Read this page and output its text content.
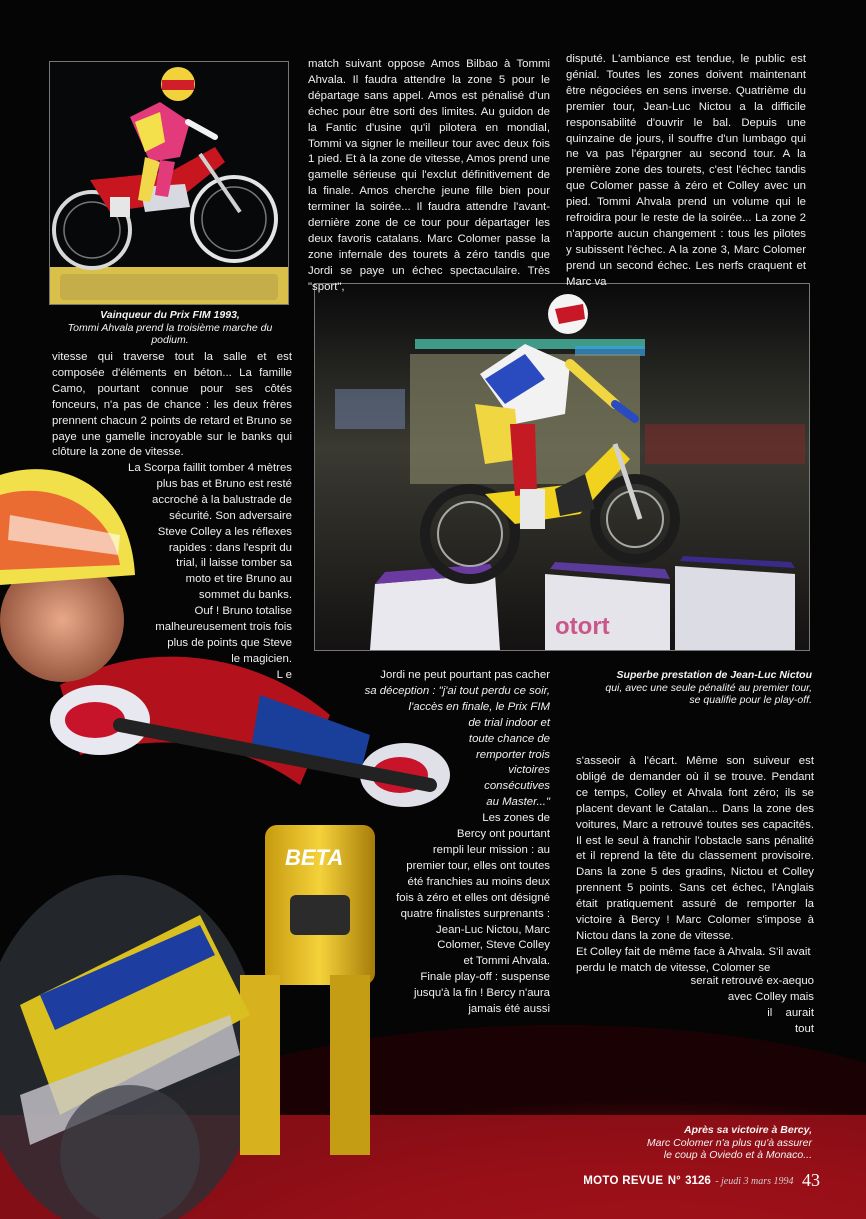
BETA
Vainqueur du Prix FIM 1993,
Tommi Ahvala prend la troisième marche du podium.
otort
Superbe prestation de Jean-Luc Nictou
qui, avec une seule pénalité au premier tour,
se qualifie pour le play-off.

match suivant oppose Amos Bilbao à Tommi Ahvala. Il faudra attendre la zone 5 pour le départage sans appel. Amos est pénalisé d'un échec pour être sorti des limites. Au guidon de la Fantic d'usine qu'il pilotera en mondial, Tommi va signer le meilleur tour avec deux fois 1 pied. Et à la zone de vitesse, Amos prend une gamelle sérieuse qui l'exclut définitivement de la finale. Amos cherche jeune fille bien pour terminer la soirée... Il faudra attendre l'avant-dernière zone de ce tour pour départager les deux favoris catalans. Marc Colomer passe la zone infernale des tourets à zéro tandis que Jordi se paye un échec spectaculaire. Très "sport",

disputé. L'ambiance est tendue, le public est génial. Toutes les zones doivent maintenant être négociées en sens inverse. Quatrième du premier tour, Jean-Luc Nictou a la difficile responsabilité d'ouvrir le bal. Depuis une quinzaine de jours, il souffre d'un lumbago qui ne va pas l'épargner au second tour. A la première zone des tourets, c'est l'échec tandis que Colomer passe à zéro et Colley avec un pied. Tommi Ahvala prend un volume qui le refroidira pour le reste de la soirée... La zone 2 n'apporte aucun changement : tous les pilotes y subissent l'échec. A la zone 3, Marc Colomer prend un second échec. Les nerfs craquent et Marc va

vitesse qui traverse tout la salle et est composée d'éléments en béton... La famille Camo, pourtant connue pour ses côtés fonceurs, n'a pas de chance : les deux frères prennent chacun 2 points de retard et Bruno se paye une gamelle incroyable sur le banks qui clôture la zone de vitesse.

La Scorpa faillit tomber 4 mètres

plus bas et Bruno est resté

accroché à la balustrade de

sécurité. Son adversaire

Steve Colley a les réflexes

rapides : dans l'esprit du

trial, il laisse tomber sa

moto et tire Bruno au

sommet du banks.

Ouf ! Bruno totalise

malheureusement trois fois

plus de points que Steve

le magicien.

L e	Jordi ne peut pourtant pas cacher

sa déception : "j'ai tout perdu ce soir,

l'accès en finale, le Prix FIM

de trial indoor et

toute chance de

remporter trois

victoires

consécutives

au Master..."

Les zones de

Bercy ont pourtant

rempli leur mission : au

premier tour, elles ont toutes

été franchies au moins deux

fois à zéro et elles ont désigné

quatre finalistes surprenants :

Jean-Luc Nictou, Marc

Colomer, Steve Colley

et Tommi Ahvala.

Finale play-off : suspense

jusqu'à la fin ! Bercy n'aura

jamais été aussi

s'asseoir à l'écart. Même son suiveur est obligé de demander où il se trouve. Pendant ce temps, Colley et Ahvala font zéro; ils se placent devant le Catalan... Dans la zone des voitures, Marc a retrouvé toutes ses capacités. Il est le seul à franchir l'obstacle sans pénalité et il reprend la tête du classement provisoire. Dans la zone 5 des gradins, Nictou et Colley prennent 5 points. Sans cet échec, l'Anglais était pratiquement assuré de remporter la victoire à Bercy ! Marc Colomer s'impose à Nictou dans la zone de vitesse.

Et Colley fait de même face à Ahvala. S'il avait perdu le match de vitesse, Colomer se

serait retrouvé ex-aequo

avec Colley mais

il aurait

tout

Après sa victoire à Bercy,
Marc Colomer n'a plus qu'à assurer
le coup à Oviedo et à Monaco...
MOTO REVUE N° 3126 - jeudi 3 mars 1994 43
